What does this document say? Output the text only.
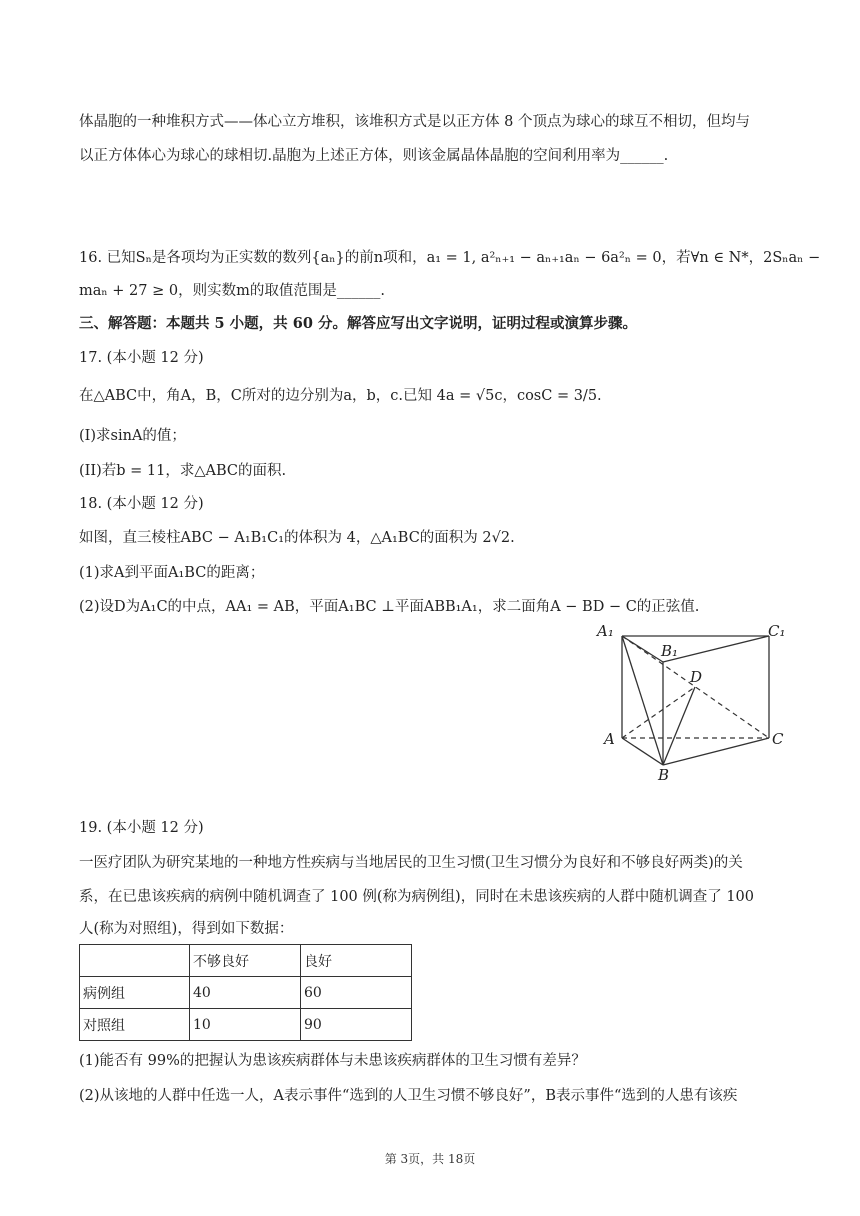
体晶胞的一种堆积方式——体心立方堆积，该堆积方式是以正方体 8 个顶点为球心的球互不相切，但均与
以正方体体心为球心的球相切.晶胞为上述正方体，则该金属晶体晶胞的空间利用率为______.
16. 已知Sₙ是各项均为正实数的数列{aₙ}的前n项和，a₁ = 1, a²ₙ₊₁ − aₙ₊₁aₙ − 6a²ₙ = 0，若∀n ∈ N*，2Sₙaₙ −
maₙ + 27 ≥ 0，则实数m的取值范围是______.
三、解答题：本题共 5 小题，共 60 分。解答应写出文字说明，证明过程或演算步骤。
17. (本小题 12 分)
在△ABC中，角A，B，C所对的边分别为a，b，c.已知 4a = √5c，cosC = 3/5.
(I)求sinA的值；
(II)若b = 11，求△ABC的面积.
18. (本小题 12 分)
如图，直三棱柱ABC − A₁B₁C₁的体积为 4，△A₁BC的面积为 2√2.
(1)求A到平面A₁BC的距离；
(2)设D为A₁C的中点，AA₁ = AB，平面A₁BC ⊥平面ABB₁A₁，求二面角A − BD − C的正弦值.
A₁
B₁
C₁
D
A
B
C
19. (本小题 12 分)
一医疗团队为研究某地的一种地方性疾病与当地居民的卫生习惯(卫生习惯分为良好和不够良好两类)的关
系，在已患该疾病的病例中随机调查了 100 例(称为病例组)，同时在未患该疾病的人群中随机调查了 100
人(称为对照组)，得到如下数据：
	不够良好	良好
病例组	40	60
对照组	10	90
(1)能否有 99%的把握认为患该疾病群体与未患该疾病群体的卫生习惯有差异？
(2)从该地的人群中任选一人，A表示事件“选到的人卫生习惯不够良好”，B表示事件“选到的人患有该疾
第 3页，共 18页
